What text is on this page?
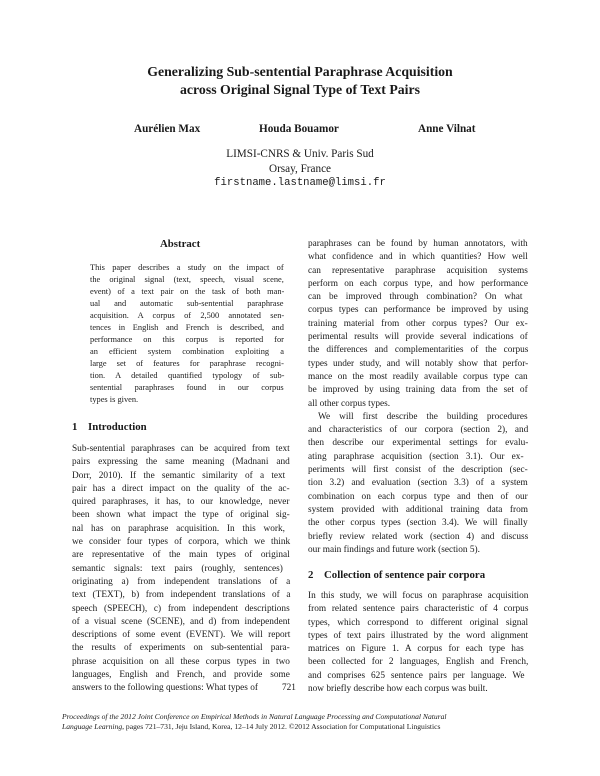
Generalizing Sub-sentential Paraphrase Acquisition
across Original Signal Type of Text Pairs
Aurélien Max	Houda Bouamor	Anne Vilnat
LIMSI-CNRS & Univ. Paris Sud
Orsay, France
firstname.lastname@limsi.fr
Abstract

This paper describes a study on the impact of
the original signal (text, speech, visual scene,
event) of a text pair on the task of both man-
ual and automatic sub-sentential paraphrase
acquisition. A corpus of 2,500 annotated sen-
tences in English and French is described, and
performance on this corpus is reported for
an efficient system combination exploiting a
large set of features for paraphrase recogni-
tion. A detailed quantified typology of sub-
sentential paraphrases found in our corpus
types is given.

1 Introduction

Sub-sentential paraphrases can be acquired from text
pairs expressing the same meaning (Madnani and
Dorr, 2010). If the semantic similarity of a text
pair has a direct impact on the quality of the ac-
quired paraphrases, it has, to our knowledge, never
been shown what impact the type of original sig-
nal has on paraphrase acquisition. In this work,
we consider four types of corpora, which we think
are representative of the main types of original
semantic signals: text pairs (roughly, sentences)
originating a) from independent translations of a
text (TEXT), b) from independent translations of a
speech (SPEECH), c) from independent descriptions
of a visual scene (SCENE), and d) from independent
descriptions of some event (EVENT). We will report
the results of experiments on sub-sentential para-
phrase acquisition on all these corpus types in two
languages, English and French, and provide some
answers to the following questions: What types of

paraphrases can be found by human annotators, with
what confidence and in which quantities? How well
can representative paraphrase acquisition systems
perform on each corpus type, and how performance
can be improved through combination? On what
corpus types can performance be improved by using
training material from other corpus types? Our ex-
perimental results will provide several indications of
the differences and complementarities of the corpus
types under study, and will notably show that perfor-
mance on the most readily available corpus type can
be improved by using training data from the set of
all other corpus types.

We will first describe the building procedures
and characteristics of our corpora (section 2), and
then describe our experimental settings for evalu-
ating paraphrase acquisition (section 3.1). Our ex-
periments will first consist of the description (sec-
tion 3.2) and evaluation (section 3.3) of a system
combination on each corpus type and then of our
system provided with additional training data from
the other corpus types (section 3.4). We will finally
briefly review related work (section 4) and discuss
our main findings and future work (section 5).

2 Collection of sentence pair corpora

In this study, we will focus on paraphrase acquisition
from related sentence pairs characteristic of 4 corpus
types, which correspond to different original signal
types of text pairs illustrated by the word alignment
matrices on Figure 1. A corpus for each type has
been collected for 2 languages, English and French,
and comprises 625 sentence pairs per language. We
now briefly describe how each corpus was built.

721
Proceedings of the 2012 Joint Conference on Empirical Methods in Natural Language Processing and Computational Natural
Language Learning, pages 721–731, Jeju Island, Korea, 12–14 July 2012. ©2012 Association for Computational Linguistics
